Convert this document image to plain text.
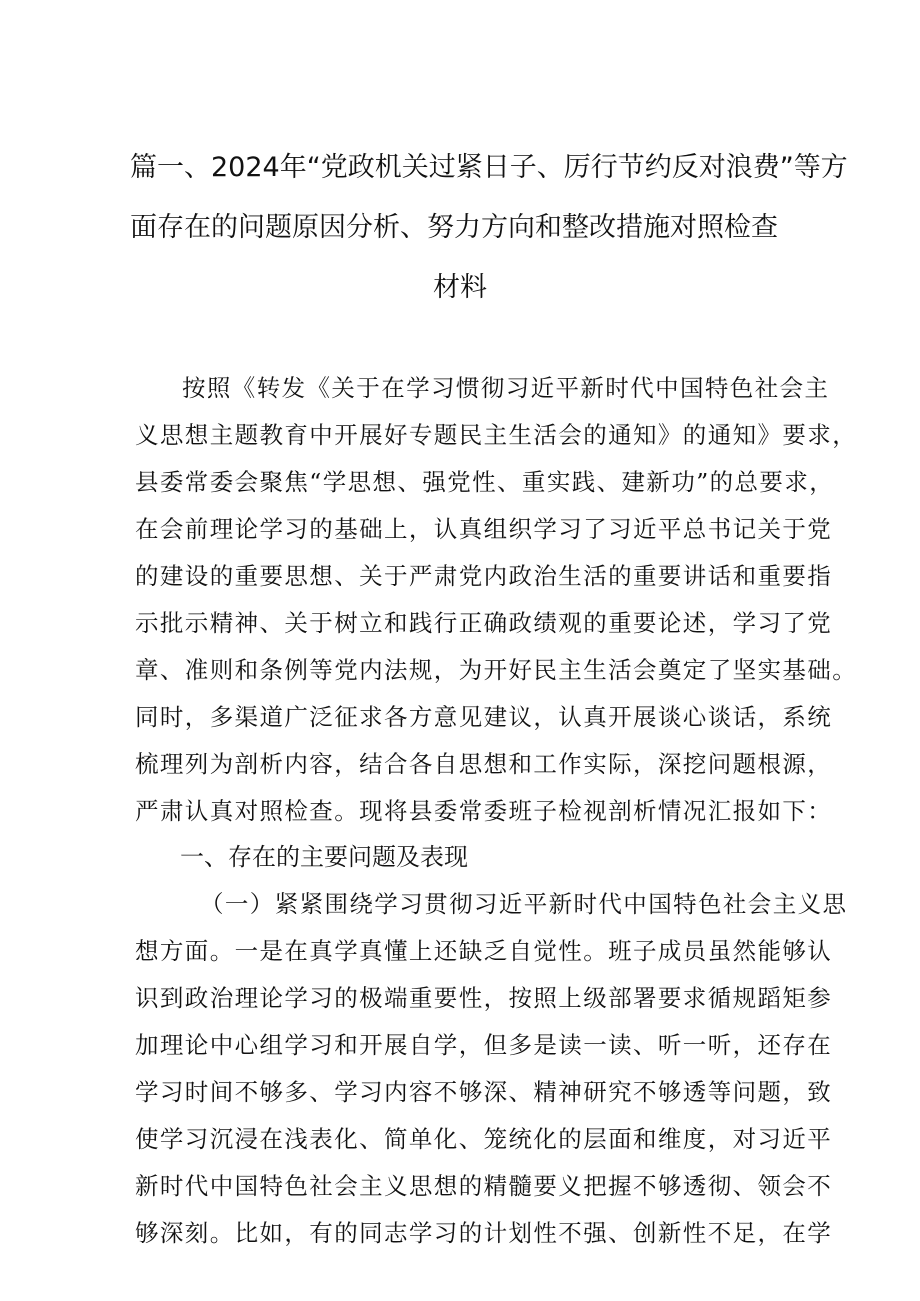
篇一、2024年“党政机关过紧日子、厉行节约反对浪费”等方
面存在的问题原因分析、努力方向和整改措施对照检查
材料
按照《转发《关于在学习惯彻习近平新时代中国特色社会主
义思想主题教育中开展好专题民主生活会的通知》的通知》要求，
县委常委会聚焦“学思想、强党性、重实践、建新功”的总要求，
在会前理论学习的基础上，认真组织学习了习近平总书记关于党
的建设的重要思想、关于严肃党内政治生活的重要讲话和重要指
示批示精神、关于树立和践行正确政绩观的重要论述，学习了党
章、准则和条例等党内法规，为开好民主生活会奠定了坚实基础。
同时，多渠道广泛征求各方意见建议，认真开展谈心谈话，系统
梳理列为剖析内容，结合各自思想和工作实际，深挖问题根源，
严肃认真对照检查。现将县委常委班子检视剖析情况汇报如下：
一、存在的主要问题及表现
（一）紧紧围绕学习贯彻习近平新时代中国特色社会主义思
想方面。一是在真学真懂上还缺乏自觉性。班子成员虽然能够认
识到政治理论学习的极端重要性，按照上级部署要求循规蹈矩参
加理论中心组学习和开展自学，但多是读一读、听一听，还存在
学习时间不够多、学习内容不够深、精神研究不够透等问题，致
使学习沉浸在浅表化、简单化、笼统化的层面和维度，对习近平
新时代中国特色社会主义思想的精髓要义把握不够透彻、领会不
够深刻。比如，有的同志学习的计划性不强、创新性不足，在学
